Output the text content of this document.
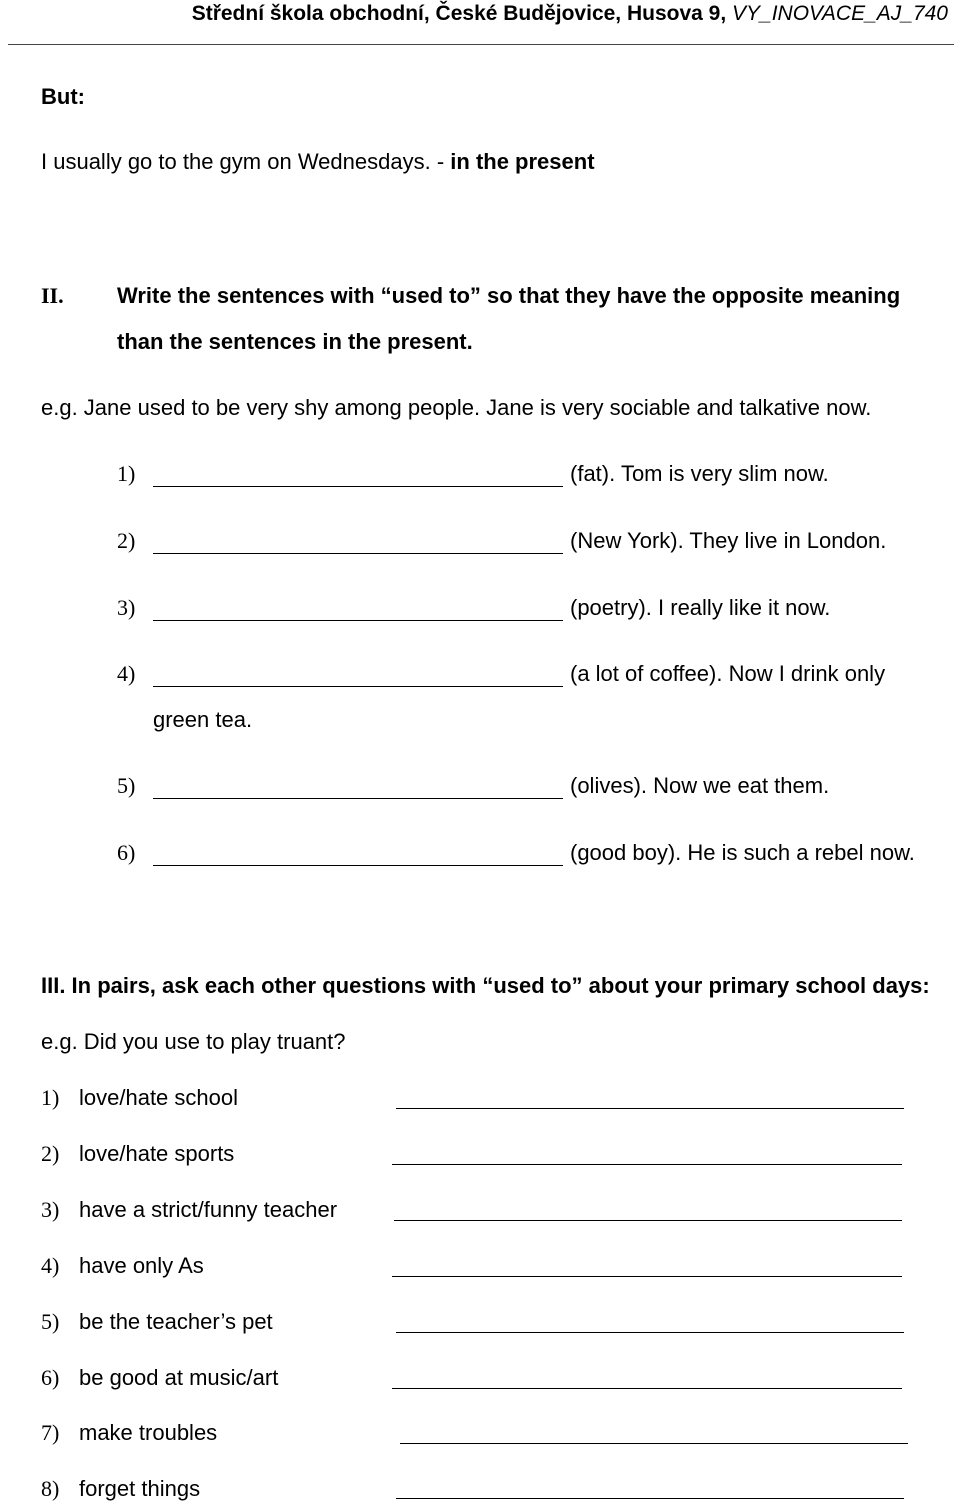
Střední škola obchodní, České Budějovice, Husova 9, VY_INOVACE_AJ_740
But:
I usually go to the gym on Wednesdays. - in the present
II. Write the sentences with “used to” so that they have the opposite meaning
than the sentences in the present.
e.g. Jane used to be very shy among people. Jane is very sociable and talkative now.
1)	(fat). Tom is very slim now.
2)	(New York). They live in London.
3)	(poetry). I really like it now.
4)	(a lot of coffee). Now I drink only
green tea.
5)	(olives). Now we eat them.
6)	(good boy). He is such a rebel now.
III. In pairs, ask each other questions with “used to” about your primary school days:
e.g. Did you use to play truant?
1) love/hate school
2) love/hate sports
3) have a strict/funny teacher
4) have only As
5) be the teacher’s pet
6) be good at music/art
7) make troubles
8) forget things
